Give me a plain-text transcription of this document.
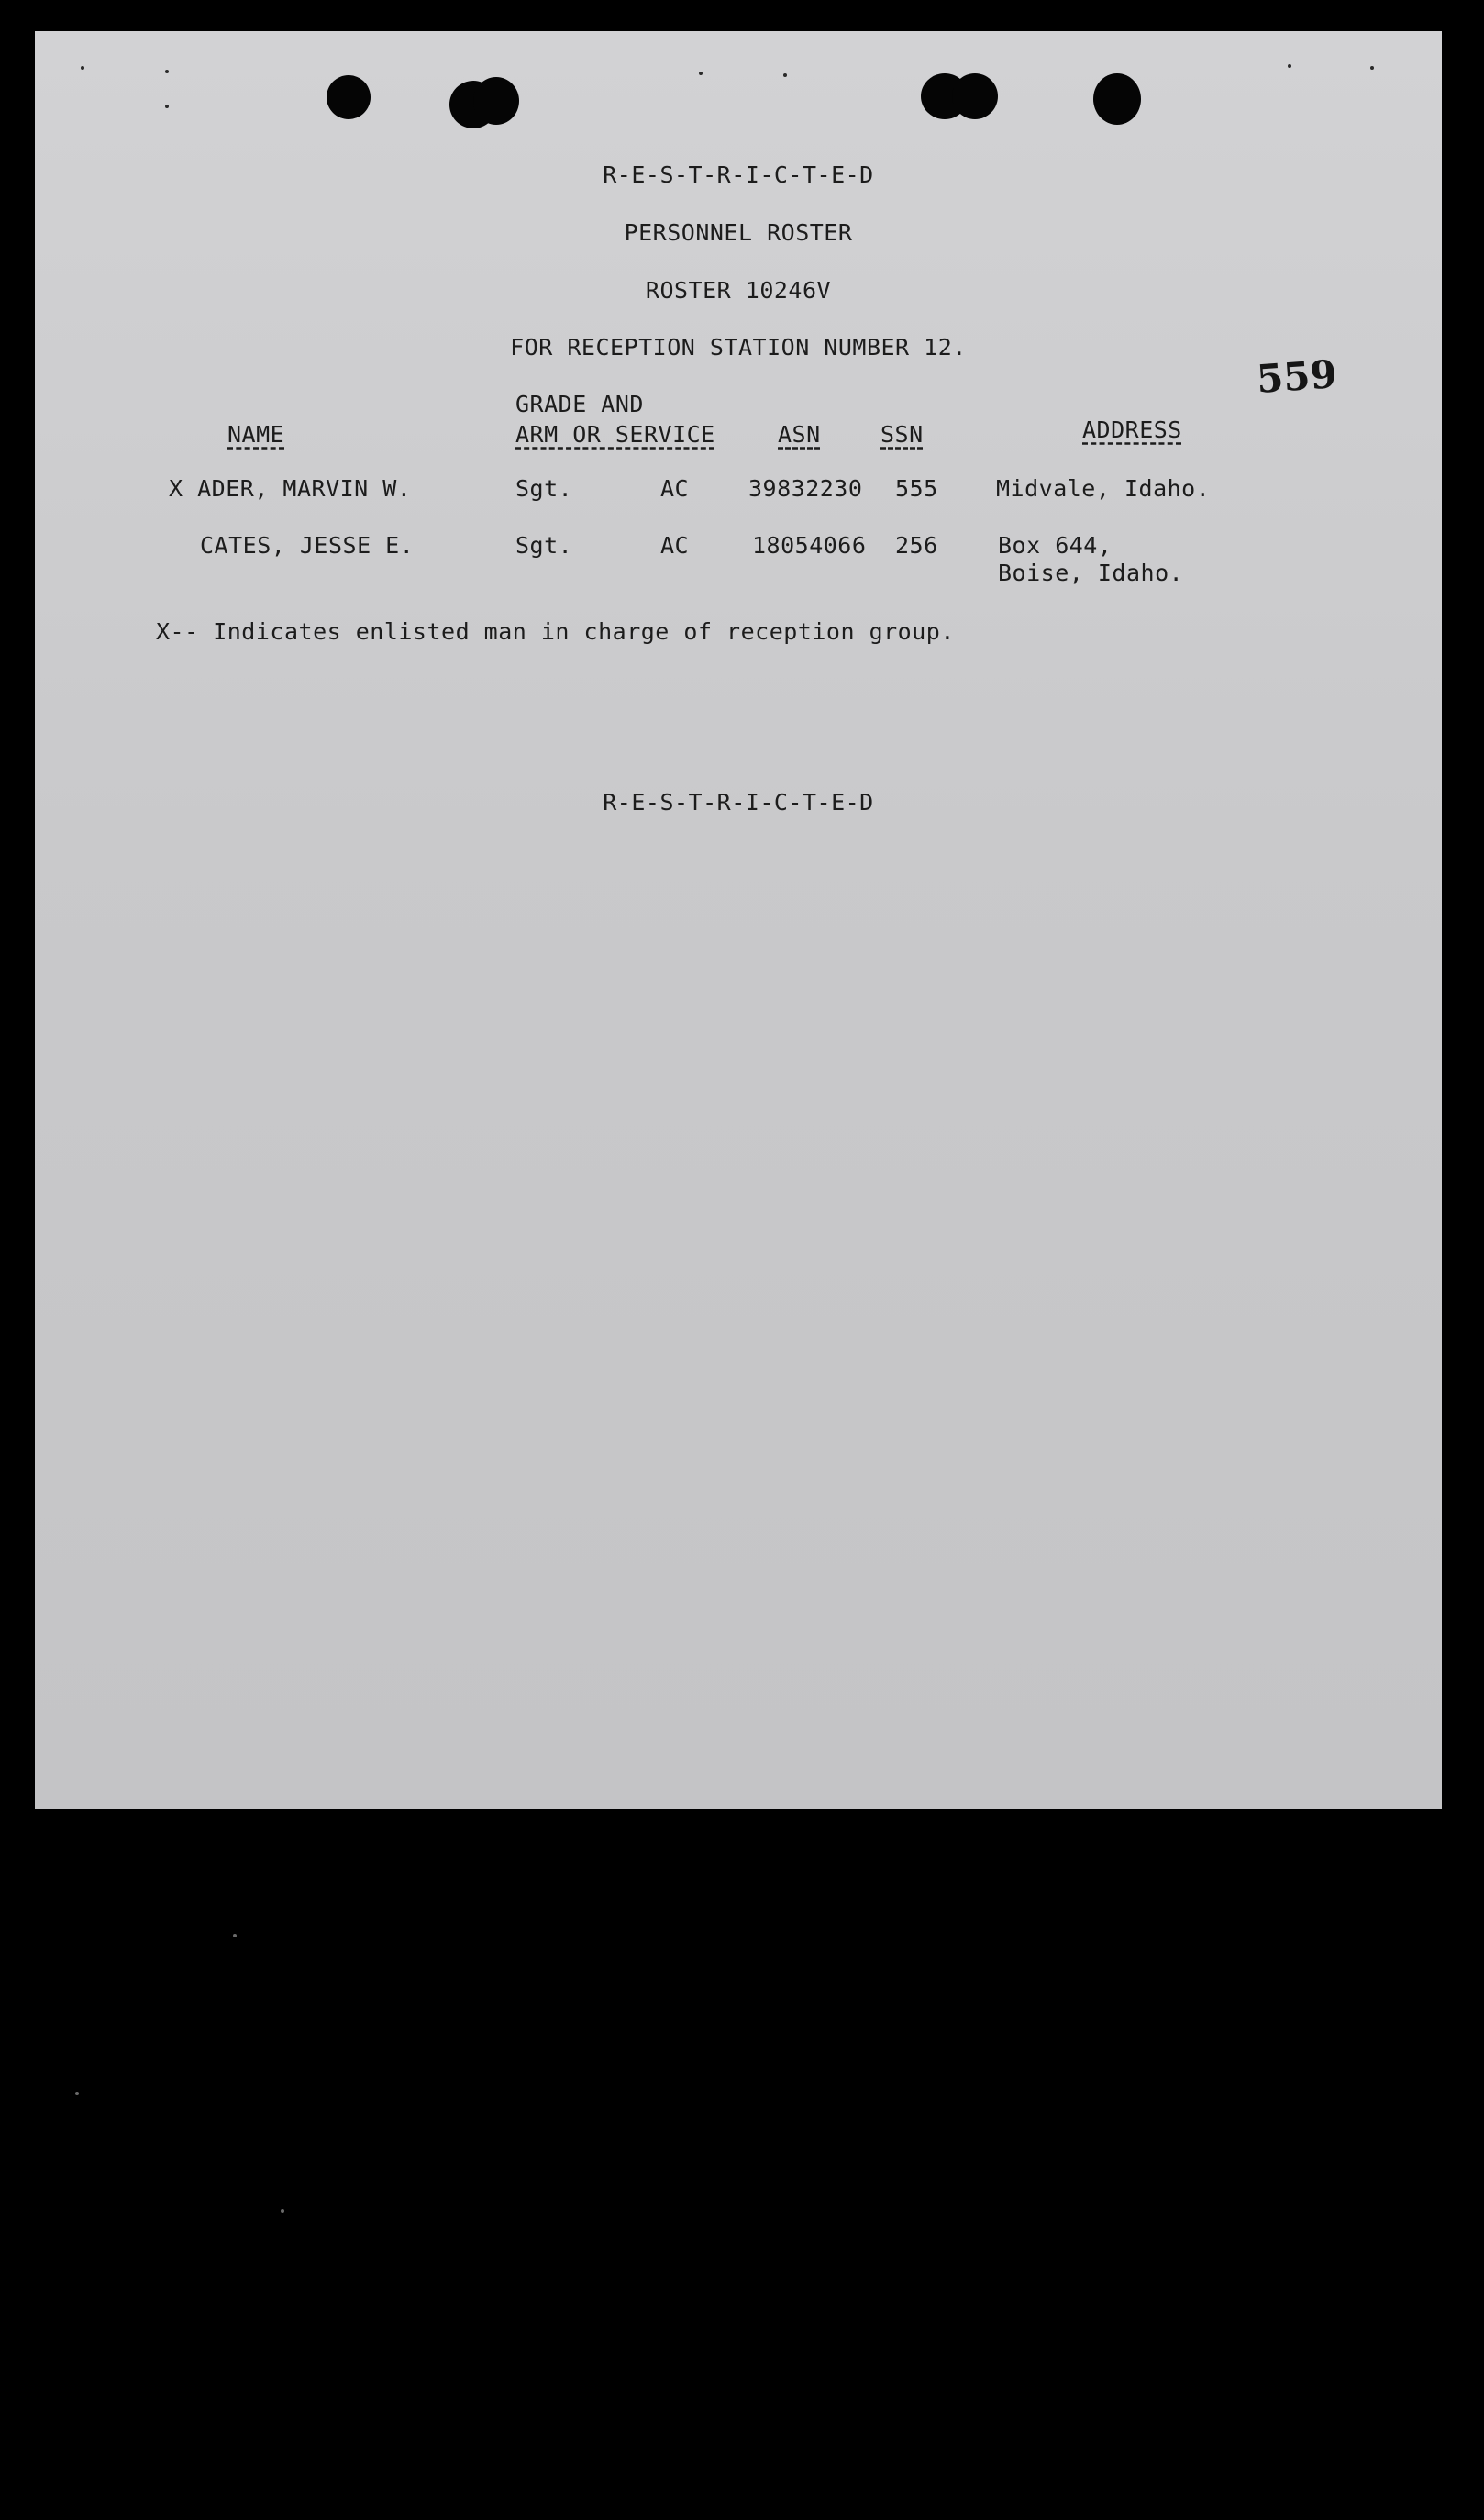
R-E-S-T-R-I-C-T-E-D
PERSONNEL ROSTER
ROSTER 10246V
FOR RECEPTION STATION NUMBER 12.
559
GRADE AND
NAME	ARM OR SERVICE	ASN	SSN	ADDRESS
X ADER, MARVIN W.	Sgt.	AC	39832230 555	Midvale, Idaho.
CATES, JESSE E.	Sgt.	AC	18054066 256	Box 644,
Boise, Idaho.
X-- Indicates enlisted man in charge of reception group.
R-E-S-T-R-I-C-T-E-D
